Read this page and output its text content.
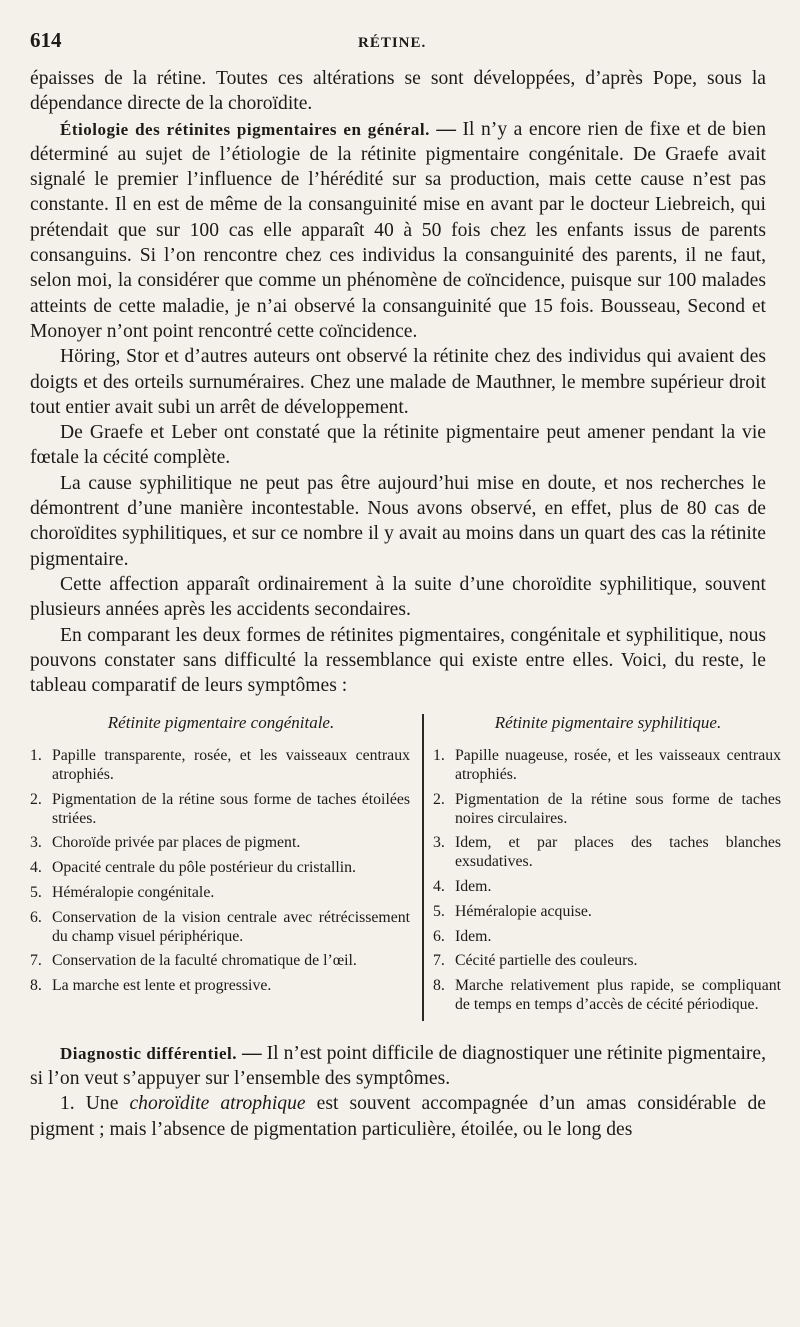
614	RÉTINE.

épaisses de la rétine. Toutes ces altérations se sont développées, d’après Pope, sous la dépendance directe de la choroïdite.

Étiologie des rétinites pigmentaires en général. — Il n’y a encore rien de fixe et de bien déterminé au sujet de l’étiologie de la rétinite pigmentaire congénitale. De Graefe avait signalé le premier l’influence de l’hérédité sur sa production, mais cette cause n’est pas constante. Il en est de même de la consanguinité mise en avant par le docteur Liebreich, qui prétendait que sur 100 cas elle apparaît 40 à 50 fois chez les enfants issus de parents consanguins. Si l’on rencontre chez ces individus la consanguinité des parents, il ne faut, selon moi, la considérer que comme un phénomène de coïncidence, puisque sur 100 malades atteints de cette maladie, je n’ai observé la consanguinité que 15 fois. Bousseau, Second et Monoyer n’ont point rencontré cette coïncidence.

Höring, Stor et d’autres auteurs ont observé la rétinite chez des individus qui avaient des doigts et des orteils surnuméraires. Chez une malade de Mauthner, le membre supérieur droit tout entier avait subi un arrêt de développement.

De Graefe et Leber ont constaté que la rétinite pigmentaire peut amener pendant la vie fœtale la cécité complète.

La cause syphilitique ne peut pas être aujourd’hui mise en doute, et nos recherches le démontrent d’une manière incontestable. Nous avons observé, en effet, plus de 80 cas de choroïdites syphilitiques, et sur ce nombre il y avait au moins dans un quart des cas la rétinite pigmentaire.

Cette affection apparaît ordinairement à la suite d’une choroïdite syphilitique, souvent plusieurs années après les accidents secondaires.

En comparant les deux formes de rétinites pigmentaires, congénitale et syphilitique, nous pouvons constater sans difficulté la ressemblance qui existe entre elles. Voici, du reste, le tableau comparatif de leurs symptômes :

Rétinite pigmentaire congénitale.
1. Papille transparente, rosée, et les vaisseaux centraux atrophiés.
2. Pigmentation de la rétine sous forme de taches étoilées striées.
3. Choroïde privée par places de pigment.
4. Opacité centrale du pôle postérieur du cristallin.
5. Héméralopie congénitale.
6. Conservation de la vision centrale avec rétrécissement du champ visuel périphérique.
7. Conservation de la faculté chromatique de l’œil.
8. La marche est lente et progressive.
Rétinite pigmentaire syphilitique.
1. Papille nuageuse, rosée, et les vaisseaux centraux atrophiés.
2. Pigmentation de la rétine sous forme de taches noires circulaires.
3. Idem, et par places des taches blanches exsudatives.
4. Idem.
5. Héméralopie acquise.
6. Idem.
7. Cécité partielle des couleurs.
8. Marche relativement plus rapide, se compliquant de temps en temps d’accès de cécité périodique.

Diagnostic différentiel. — Il n’est point difficile de diagnostiquer une rétinite pigmentaire, si l’on veut s’appuyer sur l’ensemble des symptômes.

1. Une choroïdite atrophique est souvent accompagnée d’un amas considérable de pigment ; mais l’absence de pigmentation particulière, étoilée, ou le long des
